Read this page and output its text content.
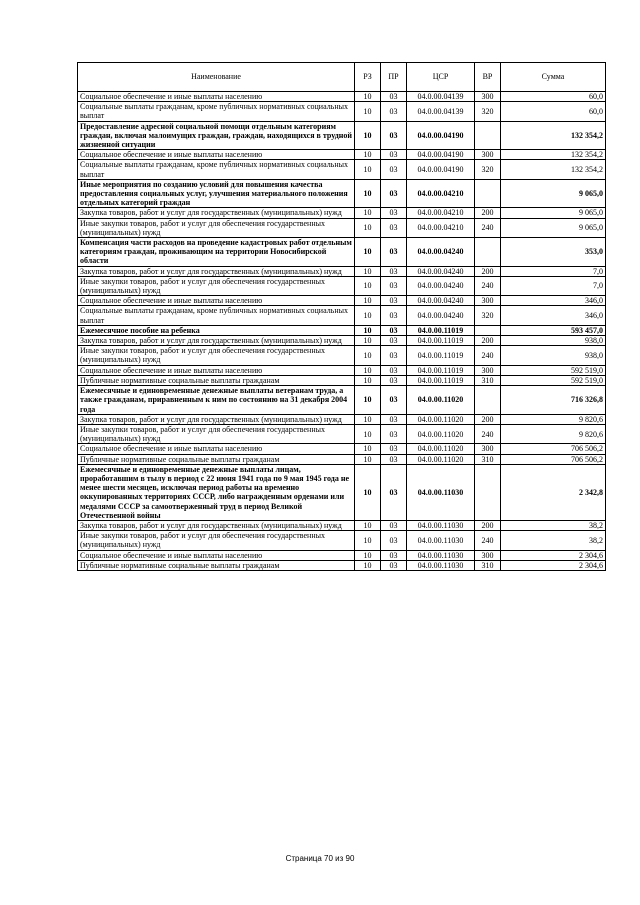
Наименование	РЗ	ПР	ЦСР	ВР	Сумма
Социальное обеспечение и иные выплаты населению	10	03	04.0.00.04139	300	60,0
Социальные выплаты гражданам, кроме публичных нормативных социальных выплат	10	03	04.0.00.04139	320	60,0
Предоставление адресной социальной помощи отдельным категориям граждан, включая малоимущих граждан, граждан, находящихся в трудной жизненной ситуации	10	03	04.0.00.04190		132 354,2
Социальное обеспечение и иные выплаты населению	10	03	04.0.00.04190	300	132 354,2
Социальные выплаты гражданам, кроме публичных нормативных социальных выплат	10	03	04.0.00.04190	320	132 354,2
Иные мероприятия по созданию условий для повышения качества предоставления социальных услуг, улучшения материального положения отдельных категорий граждан	10	03	04.0.00.04210		9 065,0
Закупка товаров, работ и услуг для государственных (муниципальных) нужд	10	03	04.0.00.04210	200	9 065,0
Иные закупки товаров, работ и услуг для обеспечения государственных (муниципальных) нужд	10	03	04.0.00.04210	240	9 065,0
Компенсация части расходов на проведение кадастровых работ отдельным категориям граждан, проживающим на территории Новосибирской области	10	03	04.0.00.04240		353,0
Закупка товаров, работ и услуг для государственных (муниципальных) нужд	10	03	04.0.00.04240	200	7,0
Иные закупки товаров, работ и услуг для обеспечения государственных (муниципальных) нужд	10	03	04.0.00.04240	240	7,0
Социальное обеспечение и иные выплаты населению	10	03	04.0.00.04240	300	346,0
Социальные выплаты гражданам, кроме публичных нормативных социальных выплат	10	03	04.0.00.04240	320	346,0
Ежемесячное пособие на ребенка	10	03	04.0.00.11019		593 457,0
Закупка товаров, работ и услуг для государственных (муниципальных) нужд	10	03	04.0.00.11019	200	938,0
Иные закупки товаров, работ и услуг для обеспечения государственных (муниципальных) нужд	10	03	04.0.00.11019	240	938,0
Социальное обеспечение и иные выплаты населению	10	03	04.0.00.11019	300	592 519,0
Публичные нормативные социальные выплаты гражданам	10	03	04.0.00.11019	310	592 519,0
Ежемесячные и единовременные денежные выплаты ветеранам труда, а также гражданам, приравненным к ним по состоянию на 31 декабря 2004 года	10	03	04.0.00.11020		716 326,8
Закупка товаров, работ и услуг для государственных (муниципальных) нужд	10	03	04.0.00.11020	200	9 820,6
Иные закупки товаров, работ и услуг для обеспечения государственных (муниципальных) нужд	10	03	04.0.00.11020	240	9 820,6
Социальное обеспечение и иные выплаты населению	10	03	04.0.00.11020	300	706 506,2
Публичные нормативные социальные выплаты гражданам	10	03	04.0.00.11020	310	706 506,2
Ежемесячные и единовременные денежные выплаты лицам, проработавшим в тылу в период с 22 июня 1941 года по 9 мая 1945 года не менее шести месяцев, исключая период работы на временно оккупированных территориях СССР, либо награжденным орденами или медалями СССР за самоотверженный труд в период Великой Отечественной войны	10	03	04.0.00.11030		2 342,8
Закупка товаров, работ и услуг для государственных (муниципальных) нужд	10	03	04.0.00.11030	200	38,2
Иные закупки товаров, работ и услуг для обеспечения государственных (муниципальных) нужд	10	03	04.0.00.11030	240	38,2
Социальное обеспечение и иные выплаты населению	10	03	04.0.00.11030	300	2 304,6
Публичные нормативные социальные выплаты гражданам	10	03	04.0.00.11030	310	2 304,6
Страница 70 из 90
